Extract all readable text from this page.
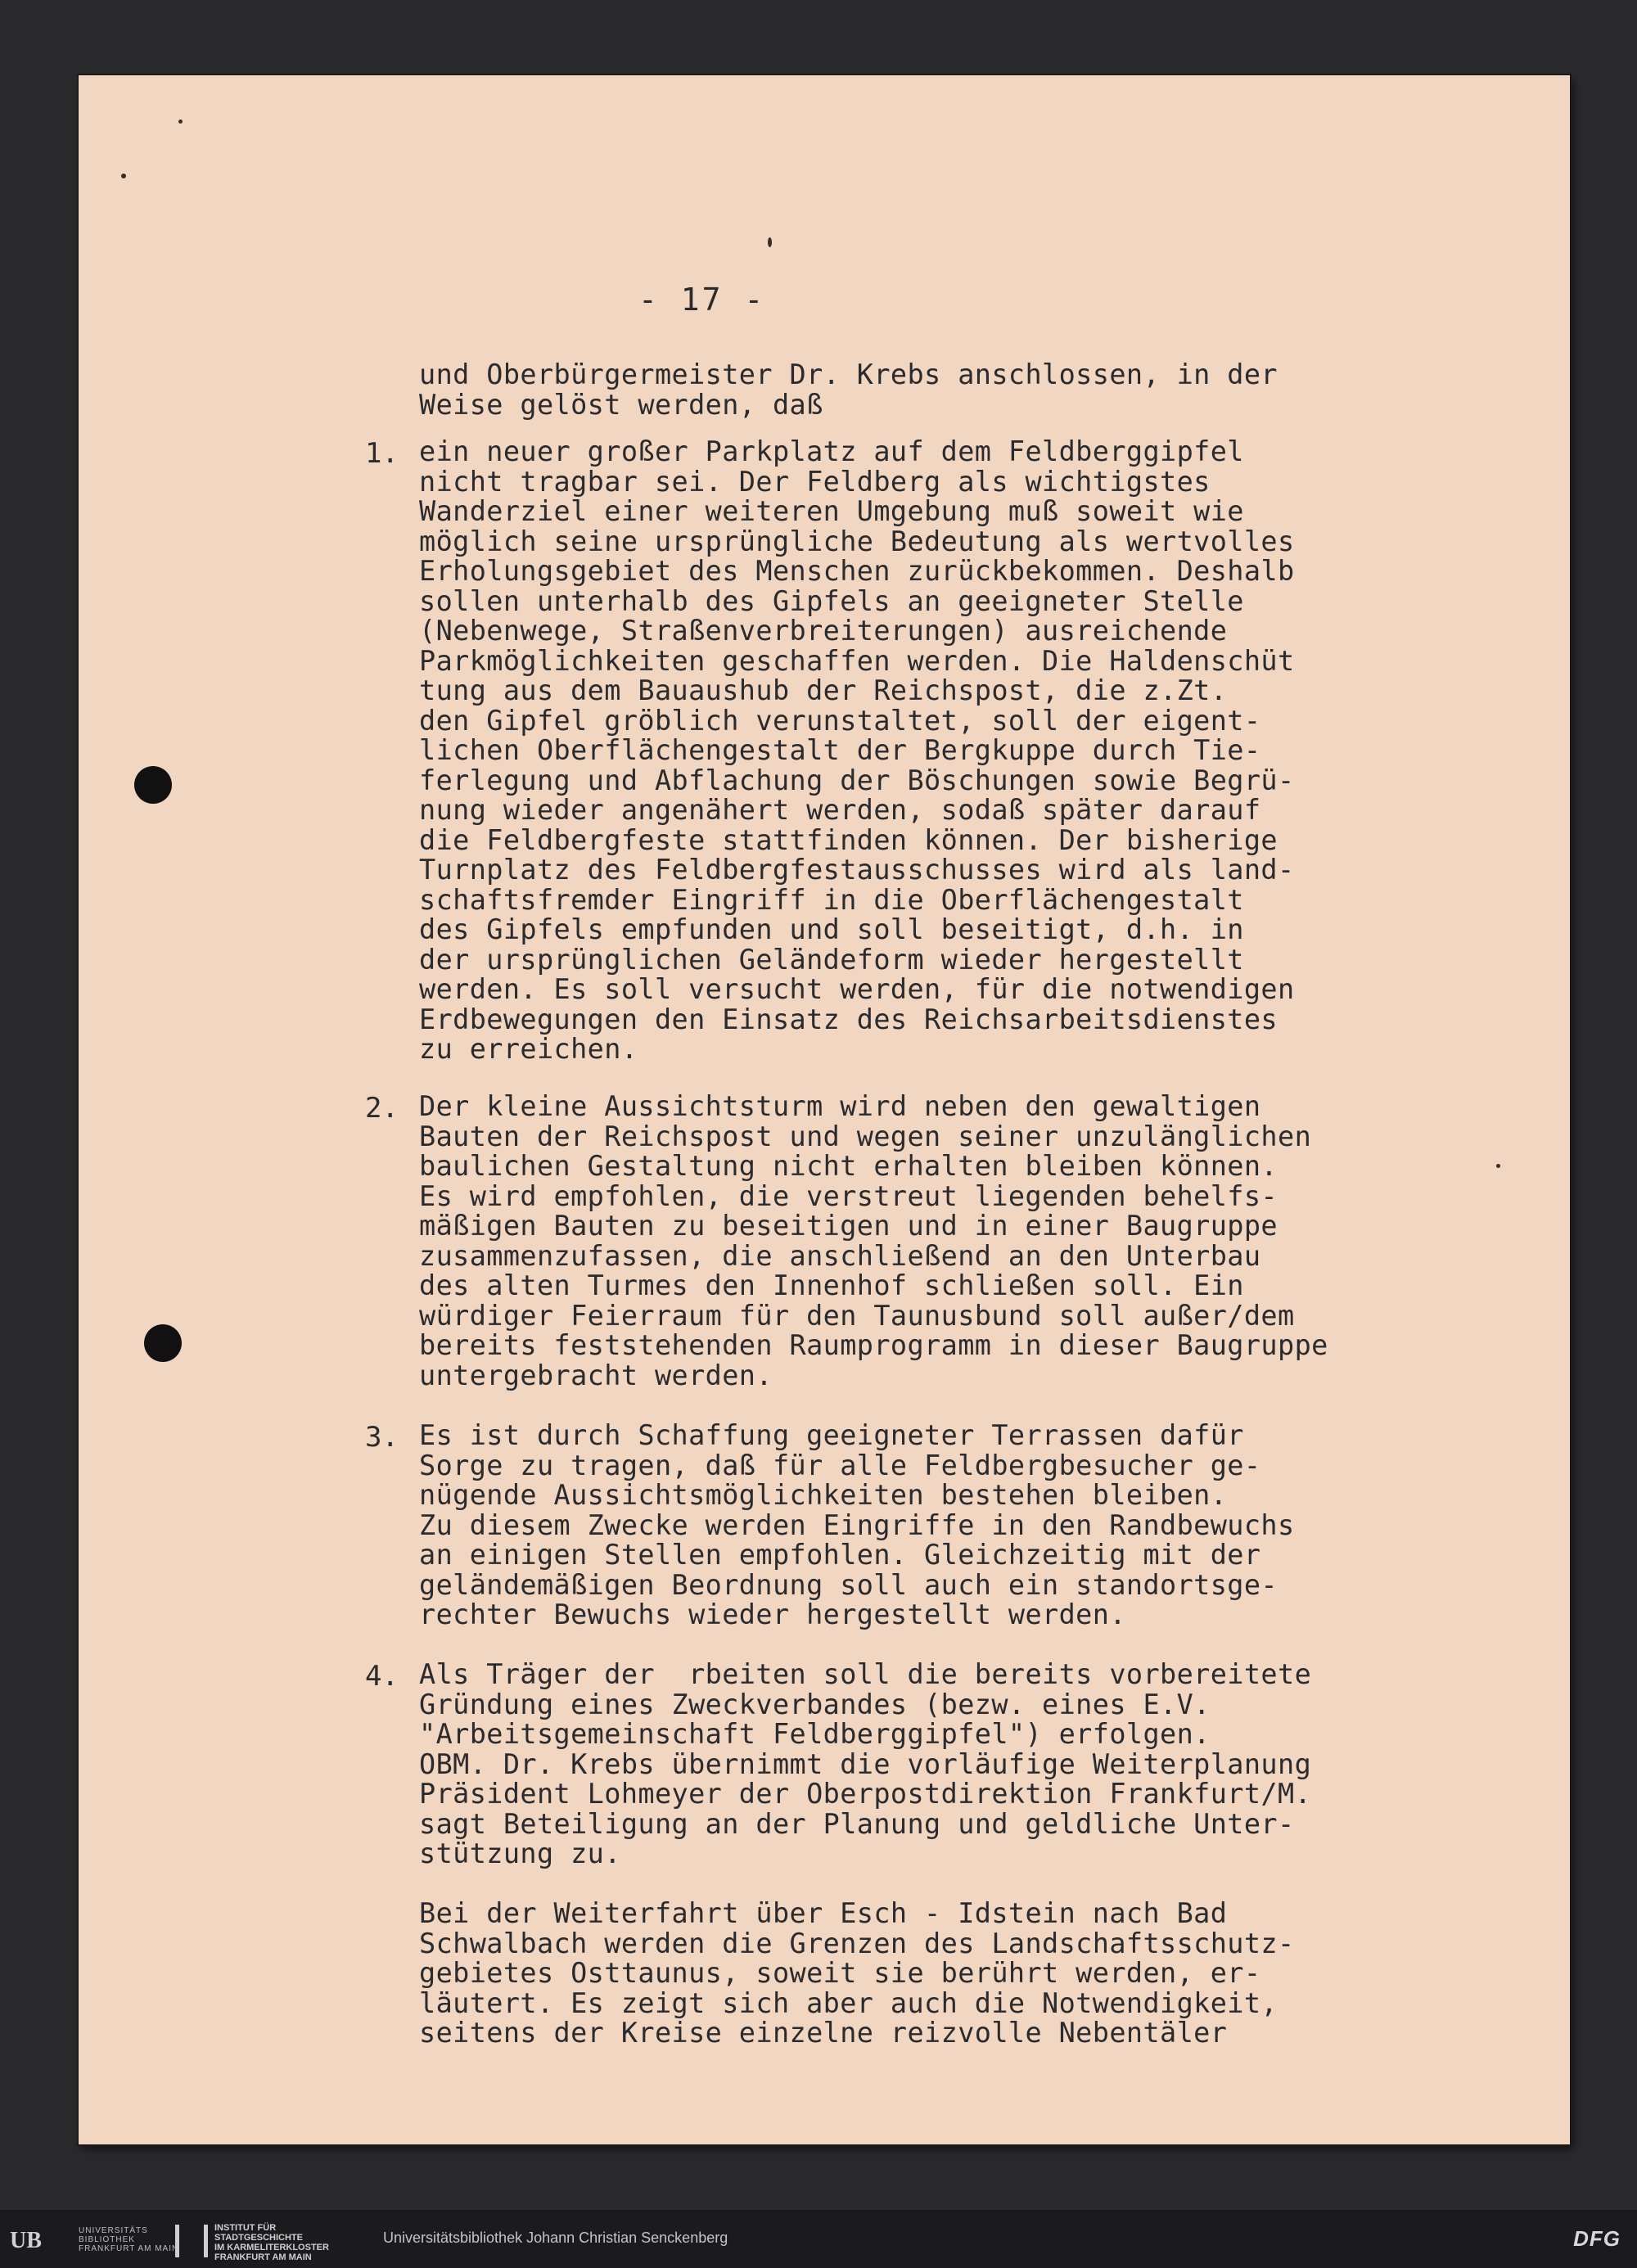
- 17 -
und Oberbürgermeister Dr. Krebs anschlossen, in der
Weise gelöst werden, daß
1. ein neuer großer Parkplatz auf dem Feldberggipfel
nicht tragbar sei. Der Feldberg als wichtigstes
Wanderziel einer weiteren Umgebung muß soweit wie
möglich seine ursprüngliche Bedeutung als wertvolles
Erholungsgebiet des Menschen zurückbekommen. Deshalb
sollen unterhalb des Gipfels an geeigneter Stelle
(Nebenwege, Straßenverbreiterungen) ausreichende
Parkmöglichkeiten geschaffen werden. Die Haldenschüt
tung aus dem Bauaushub der Reichspost, die z.Zt.
den Gipfel gröblich verunstaltet, soll der eigent-
lichen Oberflächengestalt der Bergkuppe durch Tie-
ferlegung und Abflachung der Böschungen sowie Begrü-
nung wieder angenähert werden, sodaß später darauf
die Feldbergfeste stattfinden können. Der bisherige
Turnplatz des Feldbergfestausschusses wird als land-
schaftsfremder Eingriff in die Oberflächengestalt
des Gipfels empfunden und soll beseitigt, d.h. in
der ursprünglichen Geländeform wieder hergestellt
werden. Es soll versucht werden, für die notwendigen
Erdbewegungen den Einsatz des Reichsarbeitsdienstes
zu erreichen.
2. Der kleine Aussichtsturm wird neben den gewaltigen
Bauten der Reichspost und wegen seiner unzulänglichen
baulichen Gestaltung nicht erhalten bleiben können.
Es wird empfohlen, die verstreut liegenden behelfs-
mäßigen Bauten zu beseitigen und in einer Baugruppe
zusammenzufassen, die anschließend an den Unterbau
des alten Turmes den Innenhof schließen soll. Ein
würdiger Feierraum für den Taunusbund soll außer/dem
bereits feststehenden Raumprogramm in dieser Baugruppe
untergebracht werden.
3. Es ist durch Schaffung geeigneter Terrassen dafür
Sorge zu tragen, daß für alle Feldbergbesucher ge-
nügende Aussichtsmöglichkeiten bestehen bleiben.
Zu diesem Zwecke werden Eingriffe in den Randbewuchs
an einigen Stellen empfohlen. Gleichzeitig mit der
geländemäßigen Beordnung soll auch ein standortsge-
rechter Bewuchs wieder hergestellt werden.
4. Als Träger der  rbeiten soll die bereits vorbereitete
Gründung eines Zweckverbandes (bezw. eines E.V.
"Arbeitsgemeinschaft Feldberggipfel") erfolgen.
OBM. Dr. Krebs übernimmt die vorläufige Weiterplanung
Präsident Lohmeyer der Oberpostdirektion Frankfurt/M.
sagt Beteiligung an der Planung und geldliche Unter-
stützung zu.
Bei der Weiterfahrt über Esch - Idstein nach Bad
Schwalbach werden die Grenzen des Landschaftsschutz-
gebietes Osttaunus, soweit sie berührt werden, er-
läutert. Es zeigt sich aber auch die Notwendigkeit,
seitens der Kreise einzelne reizvolle Nebentäler
UB	UNIVERSITÄTS
BIBLIOTHEK
FRANKFURT AM MAIN
INSTITUT FÜR
STADTGESCHICHTE
IM KARMELITERKLOSTER
FRANKFURT AM MAIN
Universitätsbibliothek Johann Christian Senckenberg	DFG
